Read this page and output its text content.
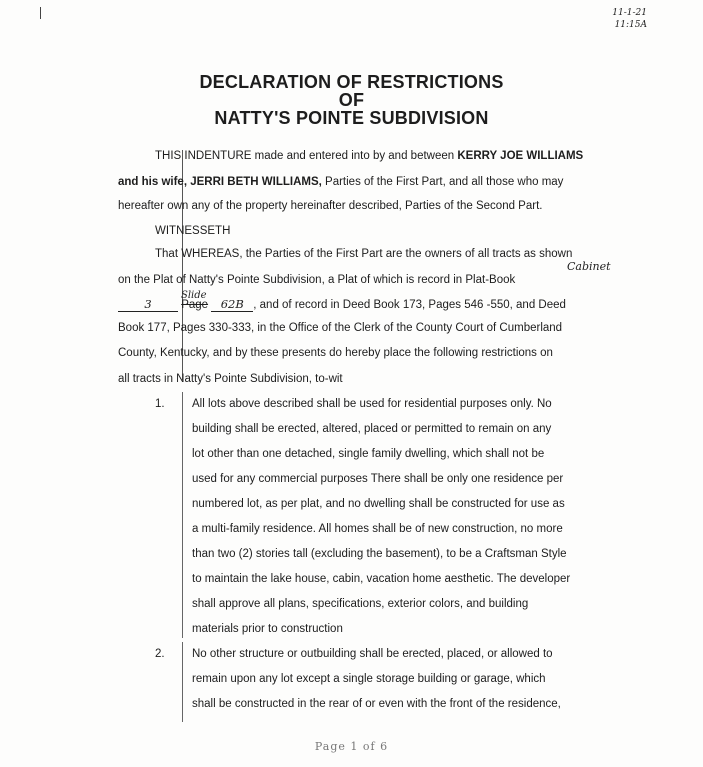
11-1-21
11:15A
DECLARATION OF RESTRICTIONS
OF
NATTY'S POINTE SUBDIVISION
THIS INDENTURE made and entered into by and between KERRY JOE WILLIAMS
and his wife, JERRI BETH WILLIAMS, Parties of the First Part, and all those who may
hereafter own any of the property hereinafter described, Parties of the Second Part.
WITNESSETH
That WHEREAS, the Parties of the First Part are the owners of all tracts as shown
on the Plat of Natty's Pointe Subdivision, a Plat of which is record in Plat-Book
Cabinet
3	Page 62B , and of record in Deed Book 173, Pages 546 -550, and Deed
Slide
Book 177, Pages 330-333, in the Office of the Clerk of the County Court of Cumberland
County, Kentucky, and by these presents do hereby place the following restrictions on
all tracts in Natty's Pointe Subdivision, to-wit
1. All lots above described shall be used for residential purposes only. No
building shall be erected, altered, placed or permitted to remain on any
lot other than one detached, single family dwelling, which shall not be
used for any commercial purposes There shall be only one residence per
numbered lot, as per plat, and no dwelling shall be constructed for use as
a multi-family residence. All homes shall be of new construction, no more
than two (2) stories tall (excluding the basement), to be a Craftsman Style
to maintain the lake house, cabin, vacation home aesthetic. The developer
shall approve all plans, specifications, exterior colors, and building
materials prior to construction
2. No other structure or outbuilding shall be erected, placed, or allowed to
remain upon any lot except a single storage building or garage, which
shall be constructed in the rear of or even with the front of the residence,
Page 1 of 6
